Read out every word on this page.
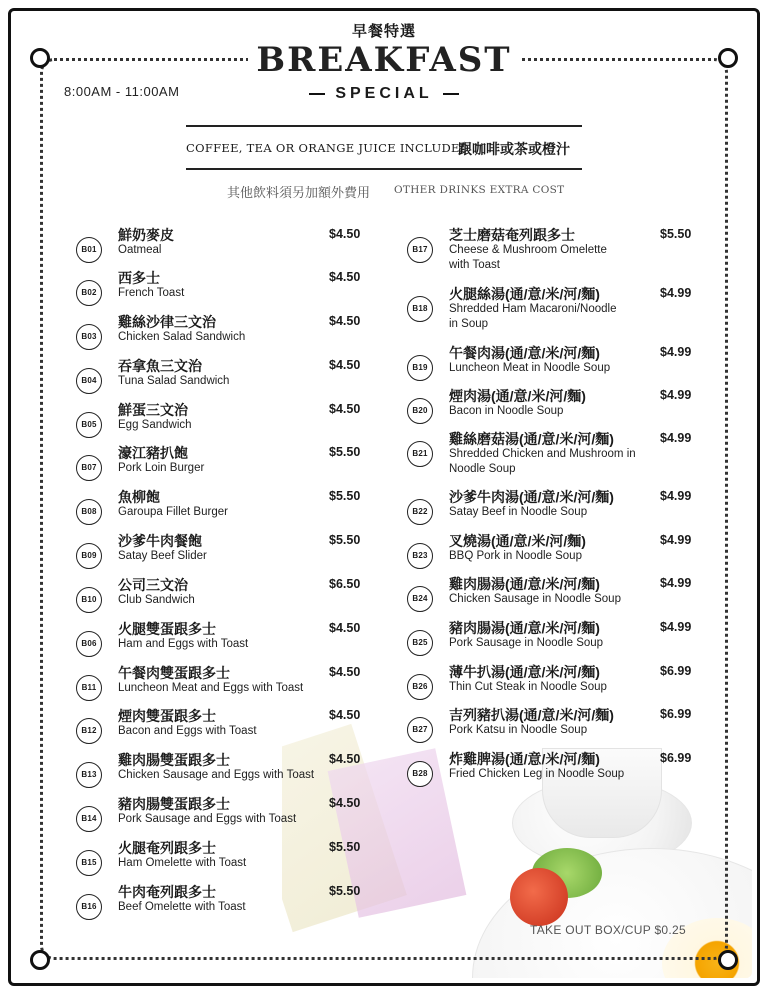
早餐特選
BREAKFAST
SPECIAL
8:00AM - 11:00AM
COFFEE, TEA OR ORANGE JUICE INCLUDED
跟咖啡或茶或橙汁
其他飲料須另加額外費用 OTHER DRINKS EXTRA COST
B01
鮮奶麥皮
Oatmeal
$4.50
B02
西多士
French Toast
$4.50
B03
雞絲沙律三文治
Chicken Salad Sandwich
$4.50
B04
吞拿魚三文治
Tuna Salad Sandwich
$4.50
B05
鮮蛋三文治
Egg Sandwich
$4.50
B07
濠江豬扒飽
Pork Loin Burger
$5.50
B08
魚柳飽
Garoupa Fillet Burger
$5.50
B09
沙爹牛肉餐飽
Satay Beef Slider
$5.50
B10
公司三文治
Club Sandwich
$6.50
B06
火腿雙蛋跟多士
Ham and Eggs with Toast
$4.50
B11
午餐肉雙蛋跟多士
Luncheon Meat and Eggs with Toast
$4.50
B12
煙肉雙蛋跟多士
Bacon and Eggs with Toast
$4.50
B13
雞肉腸雙蛋跟多士
Chicken Sausage and Eggs with Toast
$4.50
B14
豬肉腸雙蛋跟多士
Pork Sausage and Eggs with Toast
$4.50
B15
火腿奄列跟多士
Ham Omelette with Toast
$5.50
B16
牛肉奄列跟多士
Beef Omelette with Toast
$5.50
B17
芝士磨菇奄列跟多士
Cheese & Mushroom Omelette
with Toast
$5.50
B18
火腿絲湯(通/意/米/河/麵)
Shredded Ham Macaroni/Noodle
in Soup
$4.99
B19
午餐肉湯(通/意/米/河/麵)
Luncheon Meat in Noodle Soup
$4.99
B20
煙肉湯(通/意/米/河/麵)
Bacon in Noodle Soup
$4.99
B21
雞絲磨菇湯(通/意/米/河/麵)
Shredded Chicken and Mushroom in
Noodle Soup
$4.99
B22
沙爹牛肉湯(通/意/米/河/麵)
Satay Beef in Noodle Soup
$4.99
B23
叉燒湯(通/意/米/河/麵)
BBQ Pork in Noodle Soup
$4.99
B24
雞肉腸湯(通/意/米/河/麵)
Chicken Sausage in Noodle Soup
$4.99
B25
豬肉腸湯(通/意/米/河/麵)
Pork Sausage in Noodle Soup
$4.99
B26
薄牛扒湯(通/意/米/河/麵)
Thin Cut Steak in Noodle Soup
$6.99
B27
吉列豬扒湯(通/意/米/河/麵)
Pork Katsu in Noodle Soup
$6.99
B28
炸雞脾湯(通/意/米/河/麵)
Fried Chicken Leg in Noodle Soup
$6.99
TAKE OUT BOX/CUP $0.25
